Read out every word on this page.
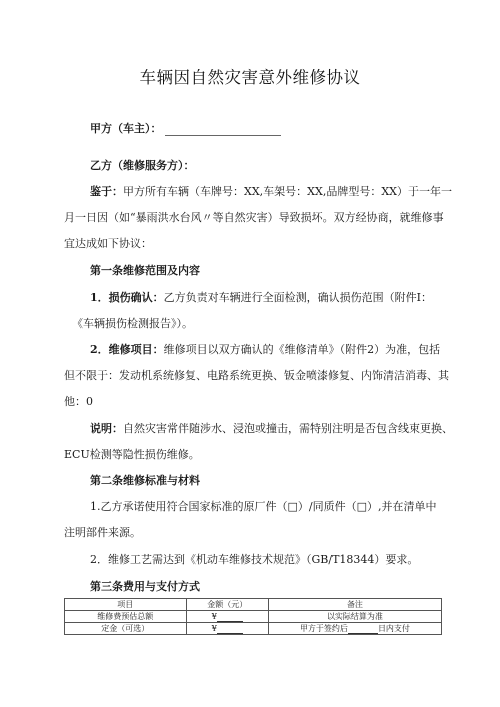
车辆因自然灾害意外维修协议
甲方（车主）：
乙方（维修服务方）：
鉴于：甲方所有车辆（车牌号：XX,车架号：XX,品牌型号：XX）于一年一
月一日因（如“暴雨洪水台风〃等自然灾害）导致损坏。双方经协商，就维修事
宜达成如下协议：
第一条维修范围及内容
1．损伤确认：乙方负责对车辆进行全面检测，确认损伤范围（附件I：
《车辆损伤检测报告》）。
2．维修项目：维修项目以双方确认的《维修清单》（附件2）为准，包括
但不限于：发动机系统修复、电路系统更换、钣金喷漆修复、内饰清洁消毒、其
他：0
说明：自然灾害常伴随涉水、浸泡或撞击，需特别注明是否包含线束更换、
ECU检测等隐性损伤维修。
第二条维修标准与材料
1.乙方承诺使用符合国家标准的原厂件（□）/同质件（□）,并在清单中
注明部件来源。
2．维修工艺需达到《机动车维修技术规范》（GB/T18344）要求。
第三条费用与支付方式
项目	金额（元）	备注
维修费预估总额	¥	以实际结算为准
定金（可选）	¥	甲方于签约后 日内支付
